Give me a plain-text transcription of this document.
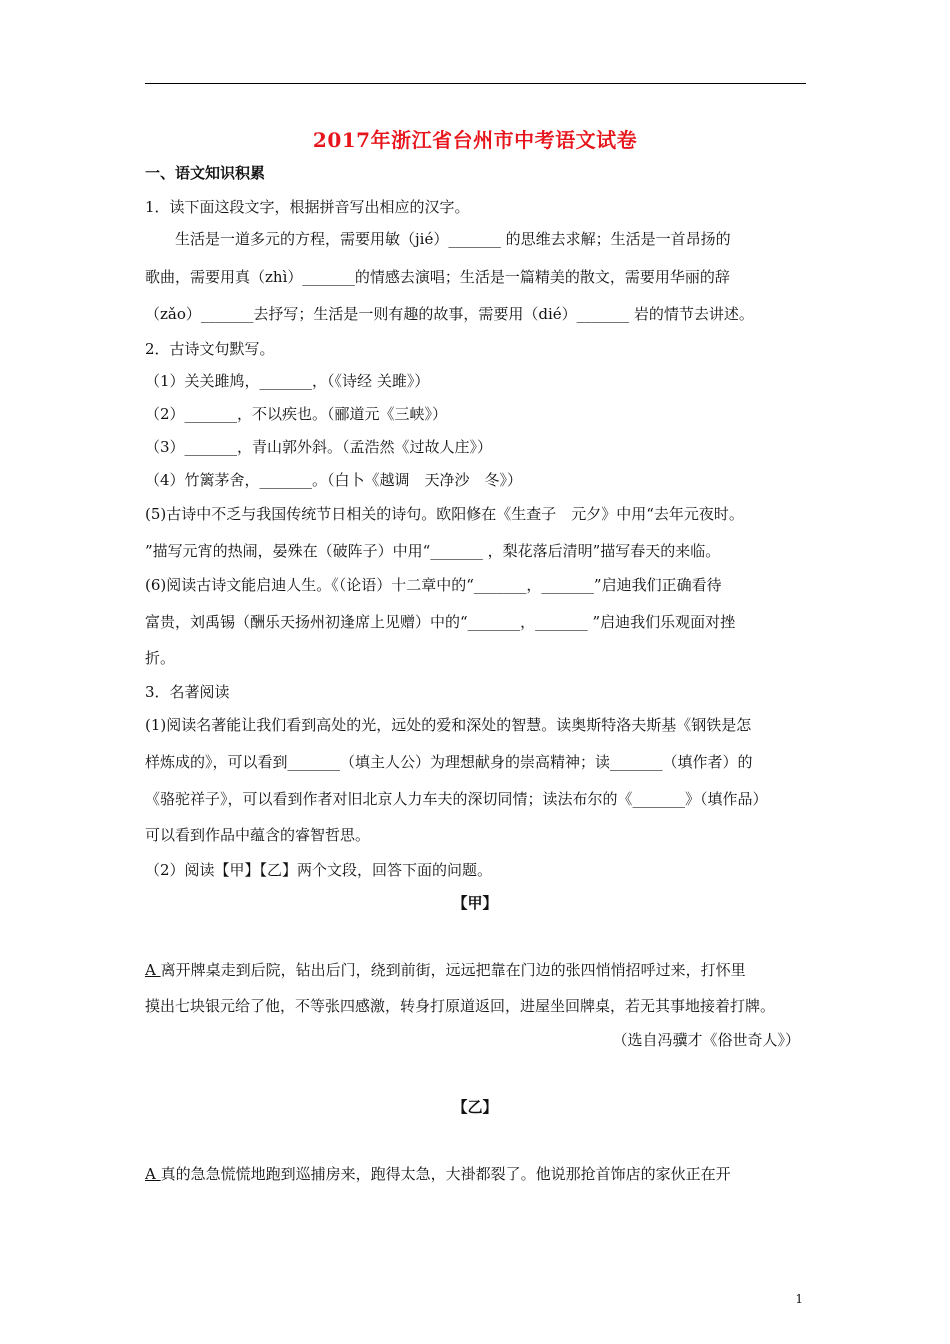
2017年浙江省台州市中考语文试卷
一、语文知识积累
1．读下面这段文字，根据拼音写出相应的汉字。
　　生活是一道多元的方程，需要用敏（jié）_______ 的思维去求解；生活是一首昂扬的
歌曲，需要用真（zhì）_______的情感去演唱；生活是一篇精美的散文，需要用华丽的辞
（zǎo）_______去抒写；生活是一则有趣的故事，需要用（dié）_______ 岩的情节去讲述。
2．古诗文句默写。
（1）关关雎鸠，_______，（《诗经 关雎》）
（2）_______，不以疾也。（郦道元《三峡》）
（3）_______，青山郭外斜。（孟浩然《过故人庄》）
（4）竹篱茅舍，_______。（白卜《越调　天净沙　冬》）
(5)古诗中不乏与我国传统节日相关的诗句。欧阳修在《生查子　元夕》中用“去年元夜时。
”描写元宵的热闹，晏殊在（破阵子）中用“_______ ，梨花落后清明”描写春天的来临。
(6)阅读古诗文能启迪人生。《（论语）十二章中的“_______，_______”启迪我们正确看待
富贵，刘禹锡（酬乐天扬州初逢席上见赠）中的“_______，_______ ”启迪我们乐观面对挫
折。
3．名著阅读
(1)阅读名著能让我们看到高处的光，远处的爱和深处的智慧。读奥斯特洛夫斯基《钢铁是怎
样炼成的》，可以看到_______（填主人公）为理想献身的崇高精神；读_______（填作者）的
《骆驼祥子》，可以看到作者对旧北京人力车夫的深切同情；读法布尔的《_______》（填作品）
可以看到作品中蕴含的睿智哲思。
（2）阅读【甲】【乙】两个文段，回答下面的问题。
【甲】
A 离开牌桌走到后院，钻出后门，绕到前街，远远把靠在门边的张四悄悄招呼过来，打怀里
摸出七块银元给了他，不等张四感激，转身打原道返回，进屋坐回牌桌，若无其事地接着打牌。
（选自冯骥才《俗世奇人》）
【乙】
A 真的急急慌慌地跑到巡捕房来，跑得太急，大褂都裂了。他说那抢首饰店的家伙正在开
1
